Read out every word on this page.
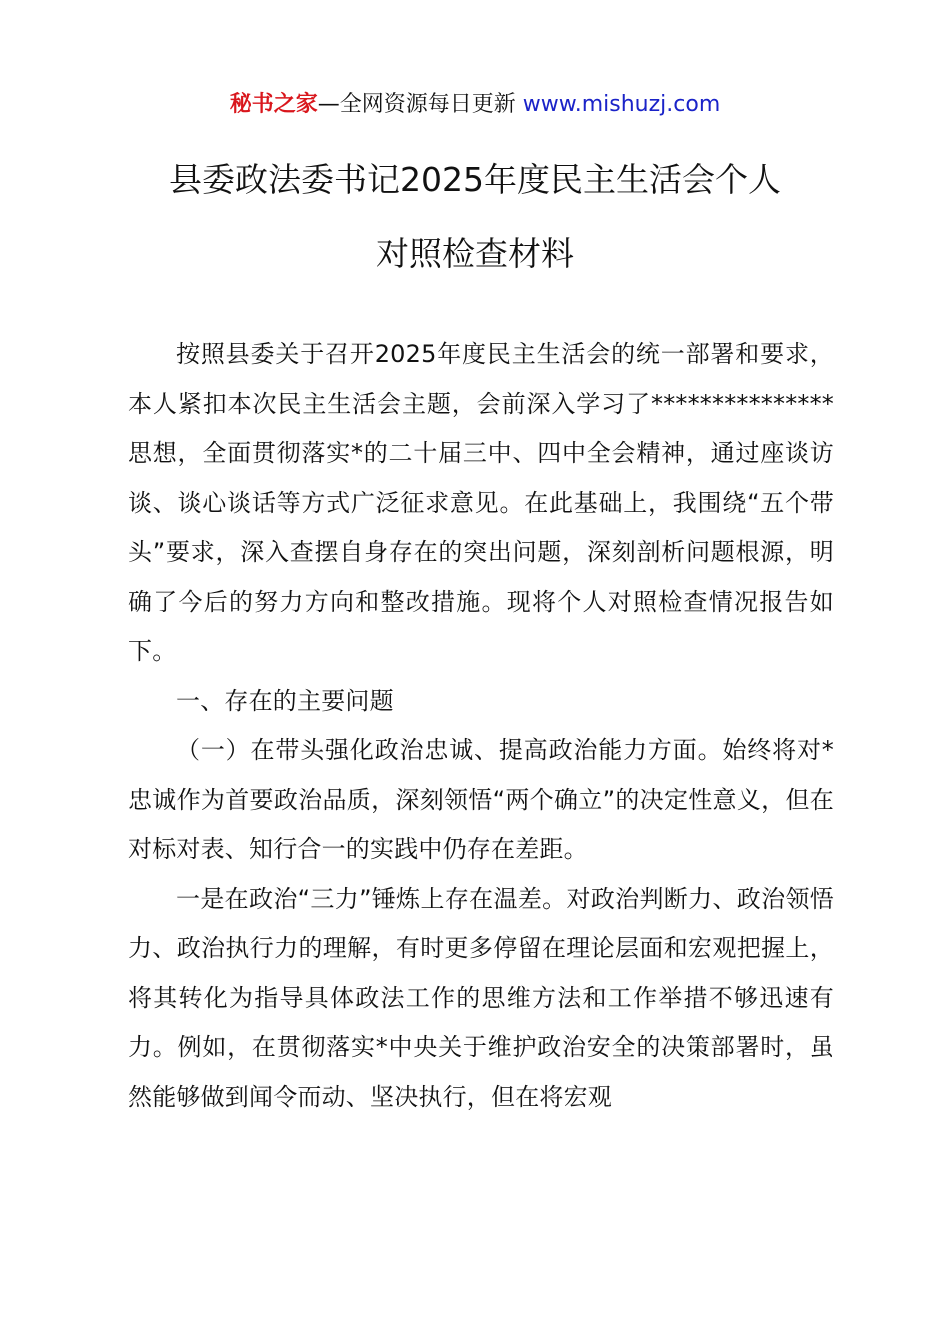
秘书之家—全网资源每日更新 www.mishuzj.com
县委政法委书记2025年度民主生活会个人
对照检查材料

按照县委关于召开2025年度民主生活会的统一部署和要求，本人紧扣本次民主生活会主题，会前深入学习了***************思想，全面贯彻落实*的二十届三中、四中全会精神，通过座谈访谈、谈心谈话等方式广泛征求意见。在此基础上，我围绕“五个带头”要求，深入查摆自身存在的突出问题，深刻剖析问题根源，明确了今后的努力方向和整改措施。现将个人对照检查情况报告如下。

一、存在的主要问题

（一）在带头强化政治忠诚、提高政治能力方面。始终将对*忠诚作为首要政治品质，深刻领悟“两个确立”的决定性意义，但在对标对表、知行合一的实践中仍存在差距。

一是在政治“三力”锤炼上存在温差。对政治判断力、政治领悟力、政治执行力的理解，有时更多停留在理论层面和宏观把握上，将其转化为指导具体政法工作的思维方法和工作举措不够迅速有力。例如，在贯彻落实*中央关于维护政治安全的决策部署时，虽然能够做到闻令而动、坚决执行，但在将宏观
